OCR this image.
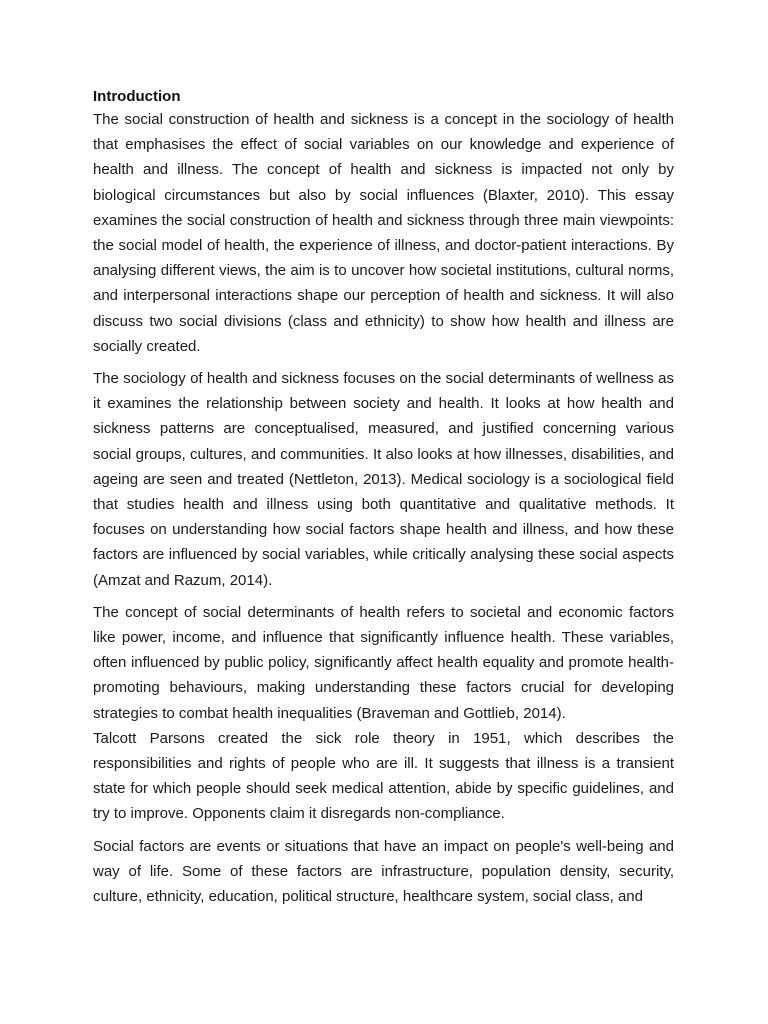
Introduction

The social construction of health and sickness is a concept in the sociology of health that emphasises the effect of social variables on our knowledge and experience of health and illness. The concept of health and sickness is impacted not only by biological circumstances but also by social influences (Blaxter, 2010). This essay examines the social construction of health and sickness through three main viewpoints: the social model of health, the experience of illness, and doctor-patient interactions. By analysing different views, the aim is to uncover how societal institutions, cultural norms, and interpersonal interactions shape our perception of health and sickness. It will also discuss two social divisions (class and ethnicity) to show how health and illness are socially created.

The sociology of health and sickness focuses on the social determinants of wellness as it examines the relationship between society and health. It looks at how health and sickness patterns are conceptualised, measured, and justified concerning various social groups, cultures, and communities. It also looks at how illnesses, disabilities, and ageing are seen and treated (Nettleton, 2013). Medical sociology is a sociological field that studies health and illness using both quantitative and qualitative methods. It focuses on understanding how social factors shape health and illness, and how these factors are influenced by social variables, while critically analysing these social aspects (Amzat and Razum, 2014).

The concept of social determinants of health refers to societal and economic factors like power, income, and influence that significantly influence health. These variables, often influenced by public policy, significantly affect health equality and promote health-promoting behaviours, making understanding these factors crucial for developing strategies to combat health inequalities (Braveman and Gottlieb, 2014).

Talcott Parsons created the sick role theory in 1951, which describes the responsibilities and rights of people who are ill. It suggests that illness is a transient state for which people should seek medical attention, abide by specific guidelines, and try to improve. Opponents claim it disregards non-compliance.

Social factors are events or situations that have an impact on people's well-being and way of life. Some of these factors are infrastructure, population density, security, culture, ethnicity, education, political structure, healthcare system, social class, and
